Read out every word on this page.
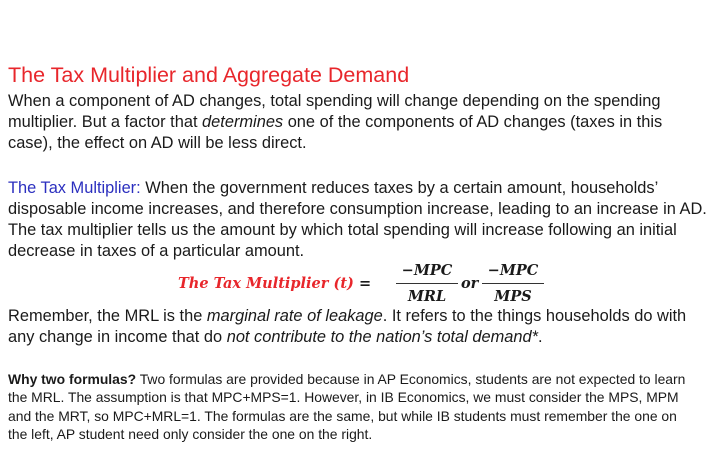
The Tax Multiplier and Aggregate Demand
When a component of AD changes, total spending will change depending on the spending
multiplier. But a factor that determines one of the components of AD changes (taxes in this
case), the effect on AD will be less direct.
The Tax Multiplier: When the government reduces taxes by a certain amount, households’
disposable income increases, and therefore consumption increase, leading to an increase in AD.
The tax multiplier tells us the amount by which total spending will increase following an initial
decrease in taxes of a particular amount.
The Tax Multiplier (t) =
−MPC
MRL
or
−MPC
MPS
Remember, the MRL is the marginal rate of leakage. It refers to the things households do with
any change in income that do not contribute to the nation’s total demand*.
Why two formulas? Two formulas are provided because in AP Economics, students are not expected to learn
the MRL. The assumption is that MPC+MPS=1. However, in IB Economics, we must consider the MPS, MPM
and the MRT, so MPC+MRL=1. The formulas are the same, but while IB students must remember the one on
the left, AP student need only consider the one on the right.
